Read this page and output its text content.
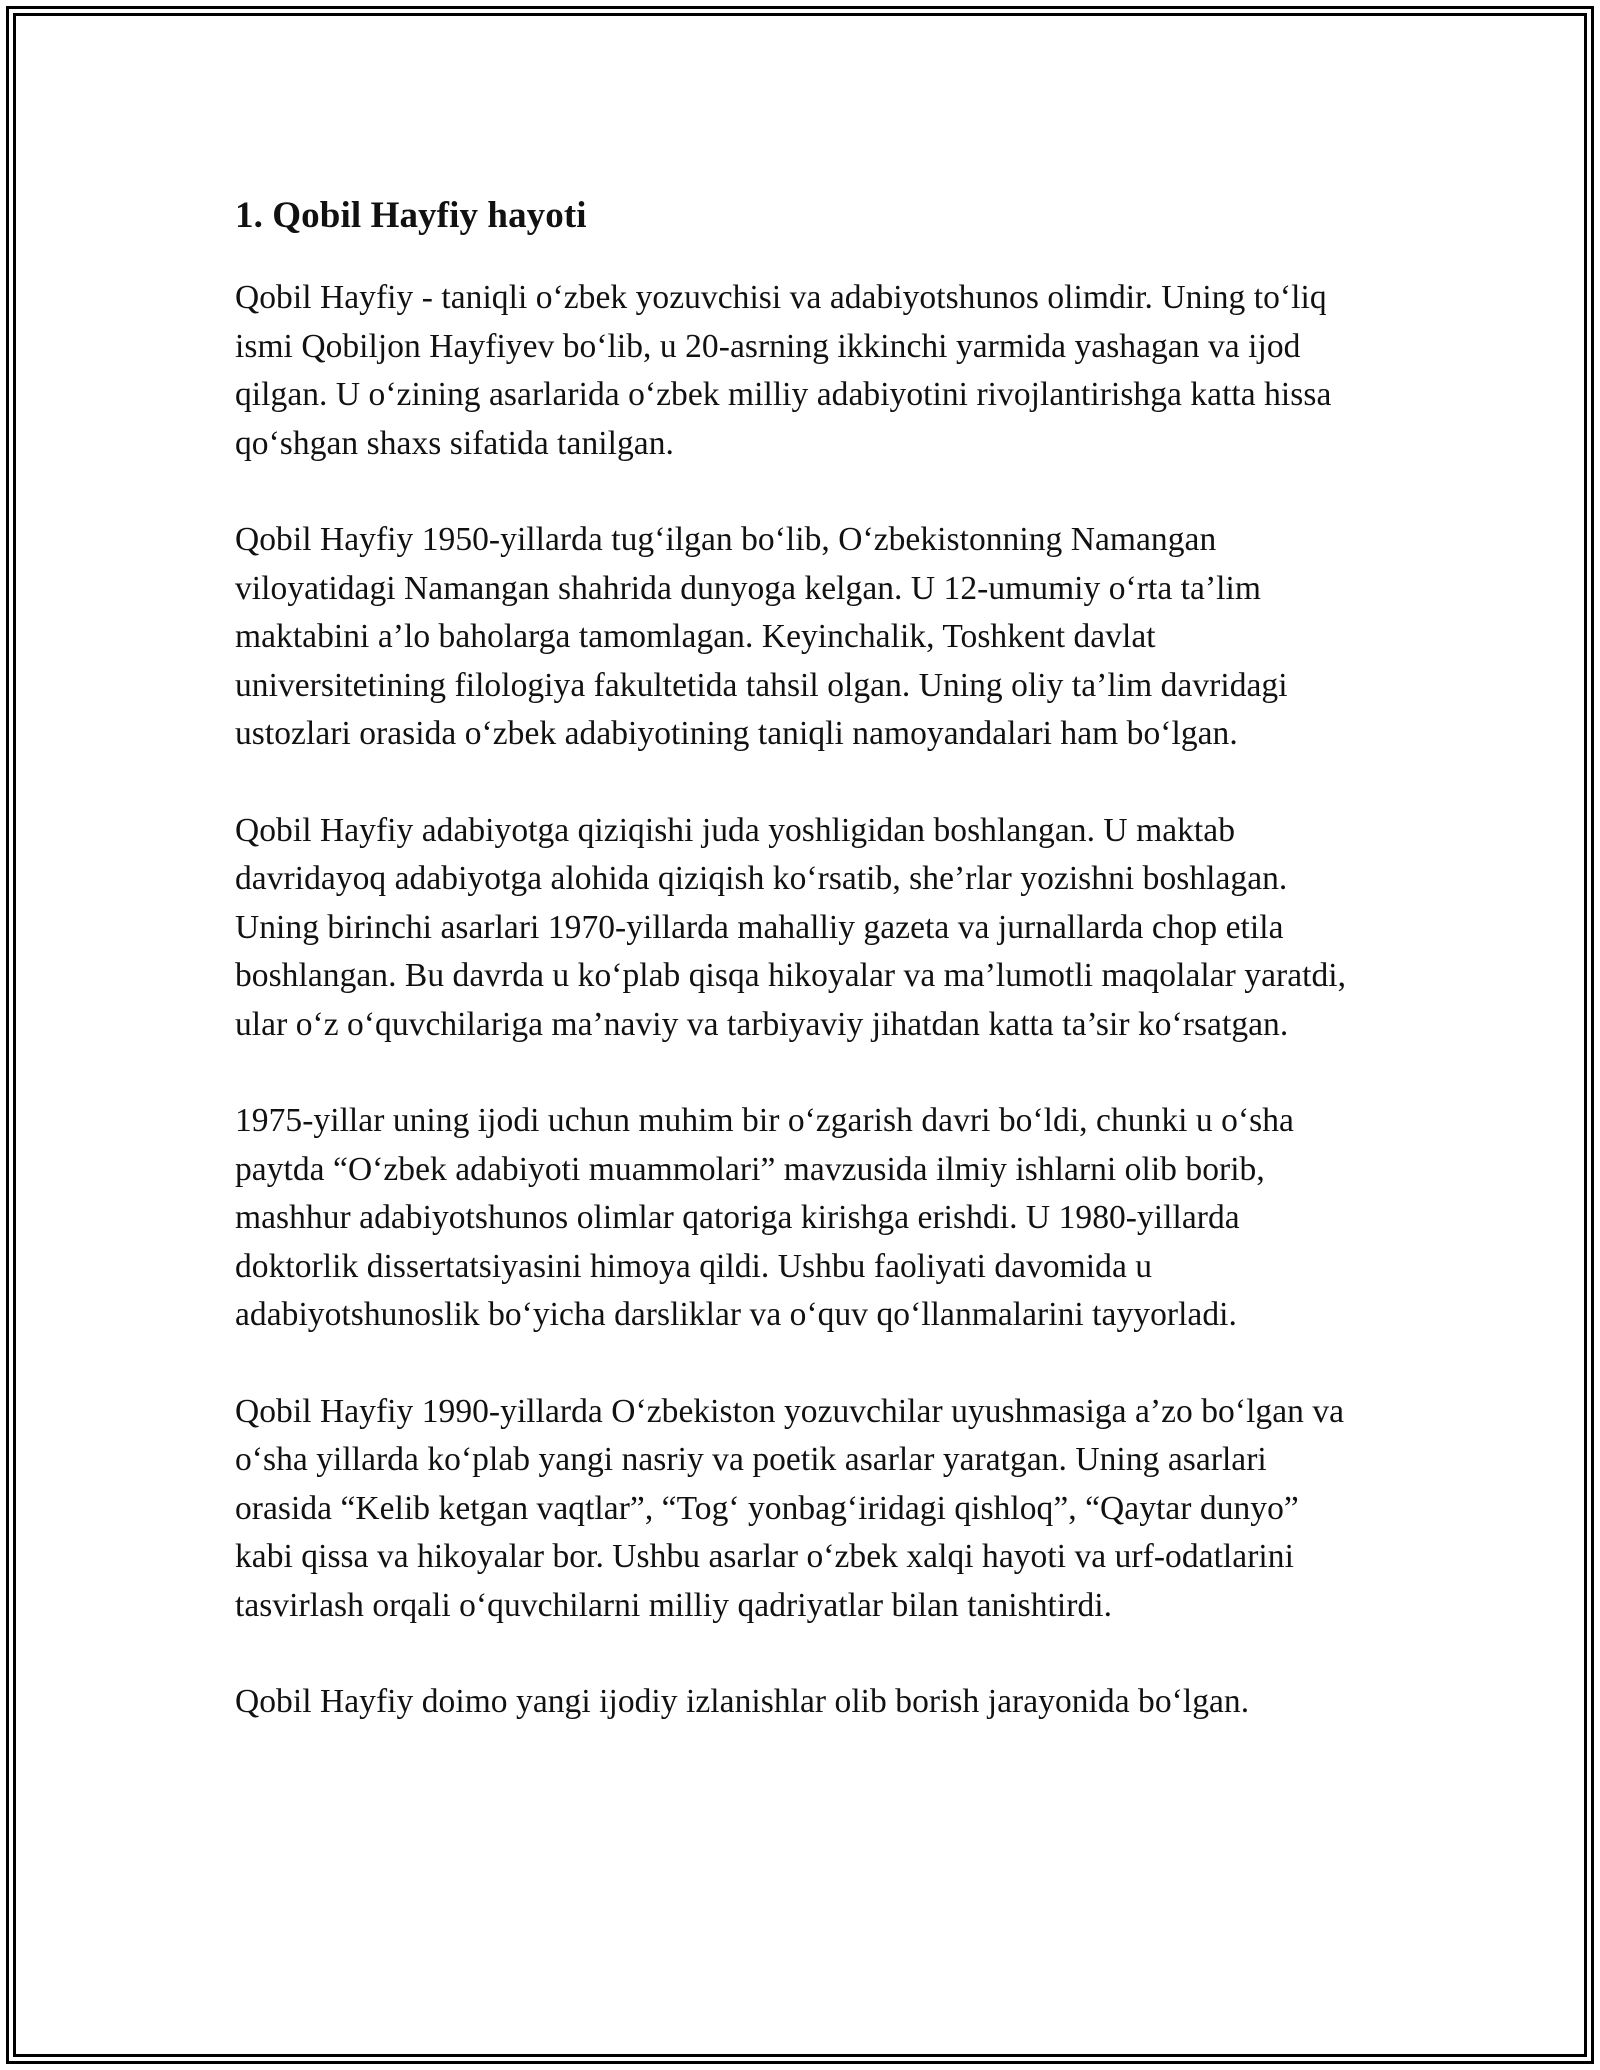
1. Qobil Hayfiy hayoti

Qobil Hayfiy - taniqli o‘zbek yozuvchisi va adabiyotshunos olimdir. Uning to‘liq ismi Qobiljon Hayfiyev bo‘lib, u 20-asrning ikkinchi yarmida yashagan va ijod qilgan. U o‘zining asarlarida o‘zbek milliy adabiyotini rivojlantirishga katta hissa qo‘shgan shaxs sifatida tanilgan.

Qobil Hayfiy 1950-yillarda tug‘ilgan bo‘lib, O‘zbekistonning Namangan viloyatidagi Namangan shahrida dunyoga kelgan. U 12-umumiy o‘rta ta’lim maktabini a’lo baholarga tamomlagan. Keyinchalik, Toshkent davlat universitetining filologiya fakultetida tahsil olgan. Uning oliy ta’lim davridagi ustozlari orasida o‘zbek adabiyotining taniqli namoyandalari ham bo‘lgan.

Qobil Hayfiy adabiyotga qiziqishi juda yoshligidan boshlangan. U maktab davridayoq adabiyotga alohida qiziqish ko‘rsatib, she’rlar yozishni boshlagan. Uning birinchi asarlari 1970-yillarda mahalliy gazeta va jurnallarda chop etila boshlangan. Bu davrda u ko‘plab qisqa hikoyalar va ma’lumotli maqolalar yaratdi, ular o‘z o‘quvchilariga ma’naviy va tarbiyaviy jihatdan katta ta’sir ko‘rsatgan.

1975-yillar uning ijodi uchun muhim bir o‘zgarish davri bo‘ldi, chunki u o‘sha paytda “O‘zbek adabiyoti muammolari” mavzusida ilmiy ishlarni olib borib, mashhur adabiyotshunos olimlar qatoriga kirishga erishdi. U 1980-yillarda doktorlik dissertatsiyasini himoya qildi. Ushbu faoliyati davomida u adabiyotshunoslik bo‘yicha darsliklar va o‘quv qo‘llanmalarini tayyorladi.

Qobil Hayfiy 1990-yillarda O‘zbekiston yozuvchilar uyushmasiga a’zo bo‘lgan va o‘sha yillarda ko‘plab yangi nasriy va poetik asarlar yaratgan. Uning asarlari orasida “Kelib ketgan vaqtlar”, “Tog‘ yonbag‘iridagi qishloq”, “Qaytar dunyo” kabi qissa va hikoyalar bor. Ushbu asarlar o‘zbek xalqi hayoti va urf-odatlarini tasvirlash orqali o‘quvchilarni milliy qadriyatlar bilan tanishtirdi.

Qobil Hayfiy doimo yangi ijodiy izlanishlar olib borish jarayonida bo‘lgan.
